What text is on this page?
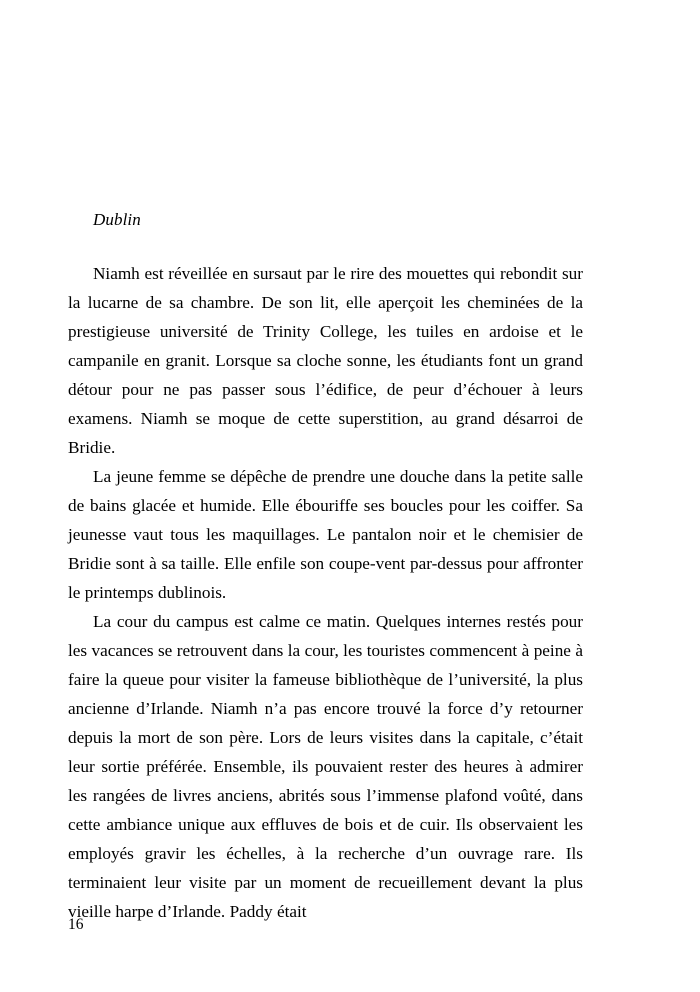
Dublin

Niamh est réveillée en sursaut par le rire des mouettes qui rebondit sur la lucarne de sa chambre. De son lit, elle aperçoit les cheminées de la prestigieuse université de Trinity College, les tuiles en ardoise et le campanile en granit. Lorsque sa cloche sonne, les étudiants font un grand détour pour ne pas passer sous l’édifice, de peur d’échouer à leurs examens. Niamh se moque de cette superstition, au grand désarroi de Bridie.

La jeune femme se dépêche de prendre une douche dans la petite salle de bains glacée et humide. Elle ébouriffe ses boucles pour les coiffer. Sa jeunesse vaut tous les maquillages. Le pantalon noir et le chemisier de Bridie sont à sa taille. Elle enfile son coupe-vent par-dessus pour affronter le printemps dublinois.

La cour du campus est calme ce matin. Quelques internes restés pour les vacances se retrouvent dans la cour, les touristes commencent à peine à faire la queue pour visiter la fameuse bibliothèque de l’université, la plus ancienne d’Irlande. Niamh n’a pas encore trouvé la force d’y retourner depuis la mort de son père. Lors de leurs visites dans la capitale, c’était leur sortie préférée. Ensemble, ils pouvaient rester des heures à admirer les rangées de livres anciens, abrités sous l’immense plafond voûté, dans cette ambiance unique aux effluves de bois et de cuir. Ils observaient les employés gravir les échelles, à la recherche d’un ouvrage rare. Ils terminaient leur visite par un moment de recueillement devant la plus vieille harpe d’Irlande. Paddy était

16
